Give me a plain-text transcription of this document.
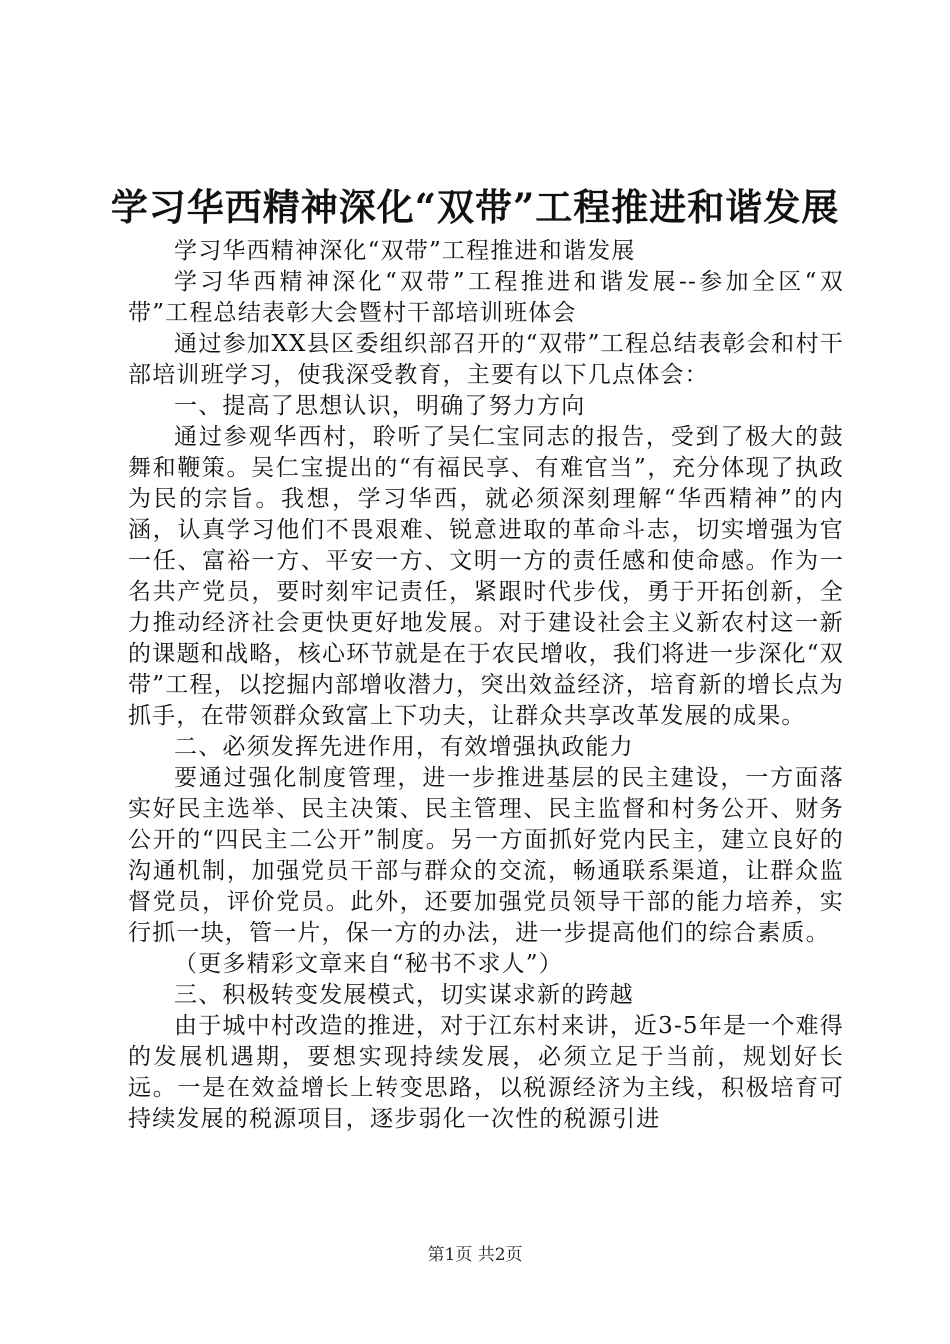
学习华西精神深化“双带”工程推进和谐发展

学习华西精神深化“双带”工程推进和谐发展

学习华西精神深化“双带”工程推进和谐发展--参加全区“双带”工程总结表彰大会暨村干部培训班体会

通过参加XX县区委组织部召开的“双带”工程总结表彰会和村干部培训班学习，使我深受教育，主要有以下几点体会：

一、提高了思想认识，明确了努力方向

通过参观华西村，聆听了吴仁宝同志的报告，受到了极大的鼓舞和鞭策。吴仁宝提出的“有福民享、有难官当”，充分体现了执政为民的宗旨。我想，学习华西，就必须深刻理解“华西精神”的内涵，认真学习他们不畏艰难、锐意进取的革命斗志，切实增强为官一任、富裕一方、平安一方、文明一方的责任感和使命感。作为一名共产党员，要时刻牢记责任，紧跟时代步伐，勇于开拓创新，全力推动经济社会更快更好地发展。对于建设社会主义新农村这一新的课题和战略，核心环节就是在于农民增收，我们将进一步深化“双带”工程，以挖掘内部增收潜力，突出效益经济，培育新的增长点为抓手，在带领群众致富上下功夫，让群众共享改革发展的成果。

二、必须发挥先进作用，有效增强执政能力

要通过强化制度管理，进一步推进基层的民主建设，一方面落实好民主选举、民主决策、民主管理、民主监督和村务公开、财务公开的“四民主二公开”制度。另一方面抓好党内民主，建立良好的沟通机制，加强党员干部与群众的交流，畅通联系渠道，让群众监督党员，评价党员。此外，还要加强党员领导干部的能力培养，实行抓一块，管一片，保一方的办法，进一步提高他们的综合素质。

（更多精彩文章来自“秘书不求人”）

三、积极转变发展模式，切实谋求新的跨越

由于城中村改造的推进，对于江东村来讲，近3-5年是一个难得的发展机遇期，要想实现持续发展，必须立足于当前，规划好长远。一是在效益增长上转变思路，以税源经济为主线，积极培育可持续发展的税源项目，逐步弱化一次性的税源引进

第1页 共2页
